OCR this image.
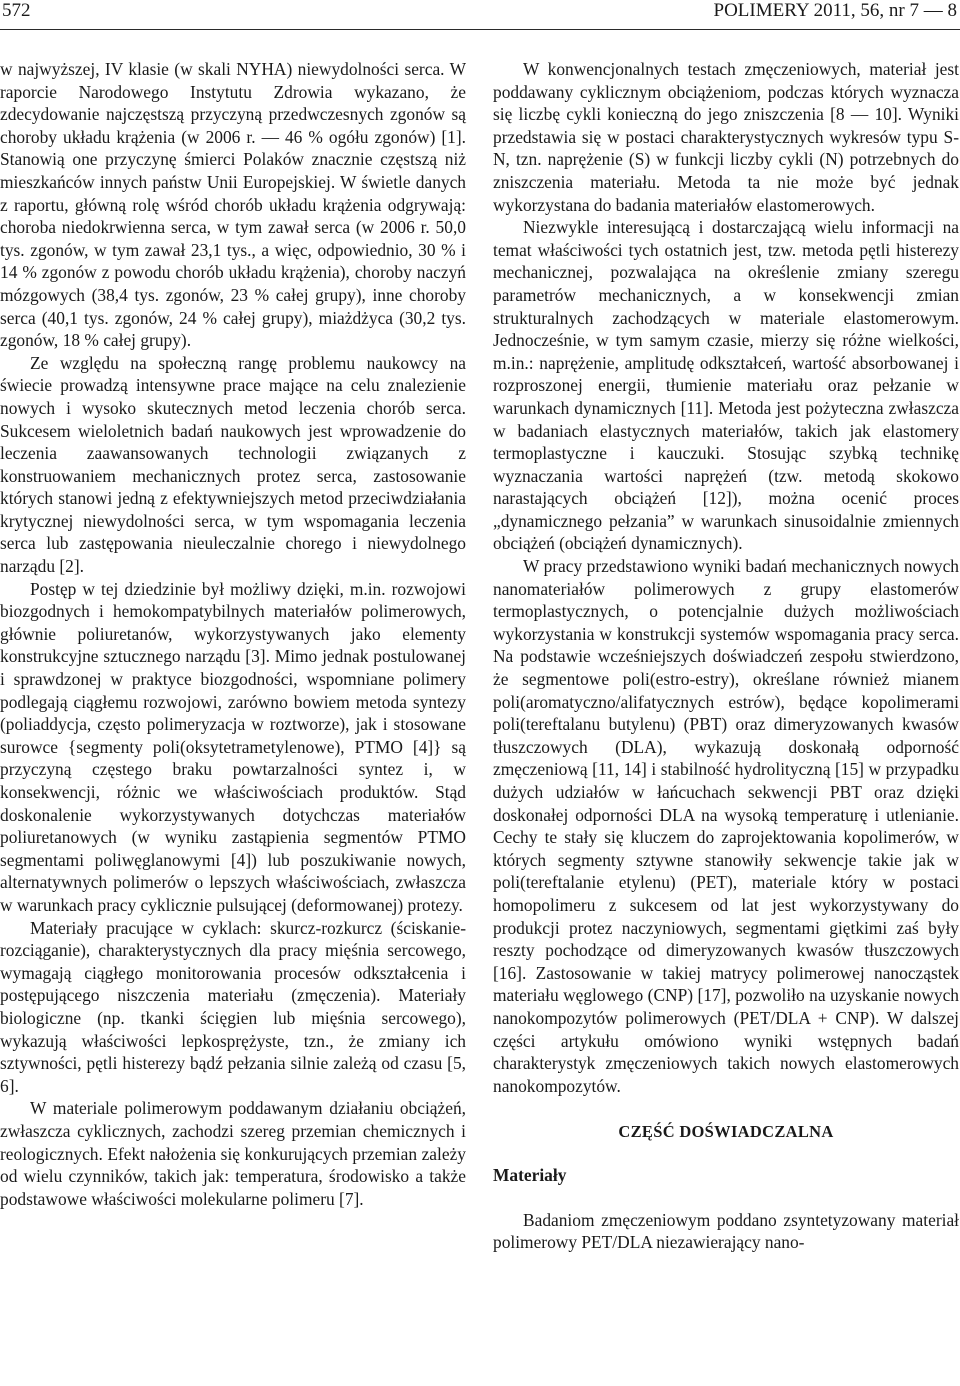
572	POLIMERY 2011, 56, nr 7 — 8

w najwyższej, IV klasie (w skali NYHA) niewydolności serca. W raporcie Narodowego Instytutu Zdrowia wykazano, że zdecydowanie najczęstszą przyczyną przedwczesnych zgonów są choroby układu krążenia (w 2006 r. — 46 % ogółu zgonów) [1]. Stanowią one przyczynę śmierci Polaków znacznie częstszą niż mieszkańców innych państw Unii Europejskiej. W świetle danych z raportu, główną rolę wśród chorób układu krążenia odgrywają: choroba niedokrwienna serca, w tym zawał serca (w 2006 r. 50,0 tys. zgonów, w tym zawał 23,1 tys., a więc, odpowiednio, 30 % i 14 % zgonów z powodu chorób układu krążenia), choroby naczyń mózgowych (38,4 tys. zgonów, 23 % całej grupy), inne choroby serca (40,1 tys. zgonów, 24 % całej grupy), miażdżyca (30,2 tys. zgonów, 18 % całej grupy).

Ze względu na społeczną rangę problemu naukowcy na świecie prowadzą intensywne prace mające na celu znalezienie nowych i wysoko skutecznych metod leczenia chorób serca. Sukcesem wieloletnich badań naukowych jest wprowadzenie do leczenia zaawansowanych technologii związanych z konstruowaniem mechanicznych protez serca, zastosowanie których stanowi jedną z efektywniejszych metod przeciwdziałania krytycznej niewydolności serca, w tym wspomagania leczenia serca lub zastępowania nieuleczalnie chorego i niewydolnego narządu [2].

Postęp w tej dziedzinie był możliwy dzięki, m.in. rozwojowi biozgodnych i hemokompatybilnych materiałów polimerowych, głównie poliuretanów, wykorzystywanych jako elementy konstrukcyjne sztucznego narządu [3]. Mimo jednak postulowanej i sprawdzonej w praktyce biozgodności, wspomniane polimery podlegają ciągłemu rozwojowi, zarówno bowiem metoda syntezy (poliaddycja, często polimeryzacja w roztworze), jak i stosowane surowce {segmenty poli(oksytetrametylenowe), PTMO [4]} są przyczyną częstego braku powtarzalności syntez i, w konsekwencji, różnic we właściwościach produktów. Stąd doskonalenie wykorzystywanych dotychczas materiałów poliuretanowych (w wyniku zastąpienia segmentów PTMO segmentami poliwęglanowymi [4]) lub poszukiwanie nowych, alternatywnych polimerów o lepszych właściwościach, zwłaszcza w warunkach pracy cyklicznie pulsującej (deformowanej) protezy.

Materiały pracujące w cyklach: skurcz-rozkurcz (ściskanie-rozciąganie), charakterystycznych dla pracy mięśnia sercowego, wymagają ciągłego monitorowania procesów odkształcenia i postępującego niszczenia materiału (zmęczenia). Materiały biologiczne (np. tkanki ścięgien lub mięśnia sercowego), wykazują właściwości lepkosprężyste, tzn., że zmiany ich sztywności, pętli histerezy bądź pełzania silnie zależą od czasu [5, 6].

W materiale polimerowym poddawanym działaniu obciążeń, zwłaszcza cyklicznych, zachodzi szereg przemian chemicznych i reologicznych. Efekt nałożenia się konkurujących przemian zależy od wielu czynników, takich jak: temperatura, środowisko a także podstawowe właściwości molekularne polimeru [7].

W konwencjonalnych testach zmęczeniowych, materiał jest poddawany cyklicznym obciążeniom, podczas których wyznacza się liczbę cykli konieczną do jego zniszczenia [8 — 10]. Wyniki przedstawia się w postaci charakterystycznych wykresów typu S-N, tzn. naprężenie (S) w funkcji liczby cykli (N) potrzebnych do zniszczenia materiału. Metoda ta nie może być jednak wykorzystana do badania materiałów elastomerowych.

Niezwykle interesującą i dostarczającą wielu informacji na temat właściwości tych ostatnich jest, tzw. metoda pętli histerezy mechanicznej, pozwalająca na określenie zmiany szeregu parametrów mechanicznych, a w konsekwencji zmian strukturalnych zachodzących w materiale elastomerowym. Jednocześnie, w tym samym czasie, mierzy się różne wielkości, m.in.: naprężenie, amplitudę odkształceń, wartość absorbowanej i rozproszonej energii, tłumienie materiału oraz pełzanie w warunkach dynamicznych [11]. Metoda jest pożyteczna zwłaszcza w badaniach elastycznych materiałów, takich jak elastomery termoplastyczne i kauczuki. Stosując szybką technikę wyznaczania wartości naprężeń (tzw. metodą skokowo narastających obciążeń [12]), można ocenić proces „dynamicznego pełzania” w warunkach sinusoidalnie zmiennych obciążeń (obciążeń dynamicznych).

W pracy przedstawiono wyniki badań mechanicznych nowych nanomateriałów polimerowych z grupy elastomerów termoplastycznych, o potencjalnie dużych możliwościach wykorzystania w konstrukcji systemów wspomagania pracy serca. Na podstawie wcześniejszych doświadczeń zespołu stwierdzono, że segmentowe poli(estro-estry), określane również mianem poli(aromatyczno/alifatycznych estrów), będące kopolimerami poli(tereftalanu butylenu) (PBT) oraz dimeryzowanych kwasów tłuszczowych (DLA), wykazują doskonałą odporność zmęczeniową [11, 14] i stabilność hydrolityczną [15] w przypadku dużych udziałów w łańcuchach sekwencji PBT oraz dzięki doskonałej odporności DLA na wysoką temperaturę i utlenianie. Cechy te stały się kluczem do zaprojektowania kopolimerów, w których segmenty sztywne stanowiły sekwencje takie jak w poli(tereftalanie etylenu) (PET), materiale który w postaci homopolimeru z sukcesem od lat jest wykorzystywany do produkcji protez naczyniowych, segmentami giętkimi zaś były reszty pochodzące od dimeryzowanych kwasów tłuszczowych [16]. Zastosowanie w takiej matrycy polimerowej nanocząstek materiału węglowego (CNP) [17], pozwoliło na uzyskanie nowych nanokompozytów polimerowych (PET/DLA + CNP). W dalszej części artykułu omówiono wyniki wstępnych badań charakterystyk zmęczeniowych takich nowych elastomerowych nanokompozytów.

CZĘŚĆ DOŚWIADCZALNA
Materiały

Badaniom zmęczeniowym poddano zsyntetyzowany materiał polimerowy PET/DLA niezawierający nano-
